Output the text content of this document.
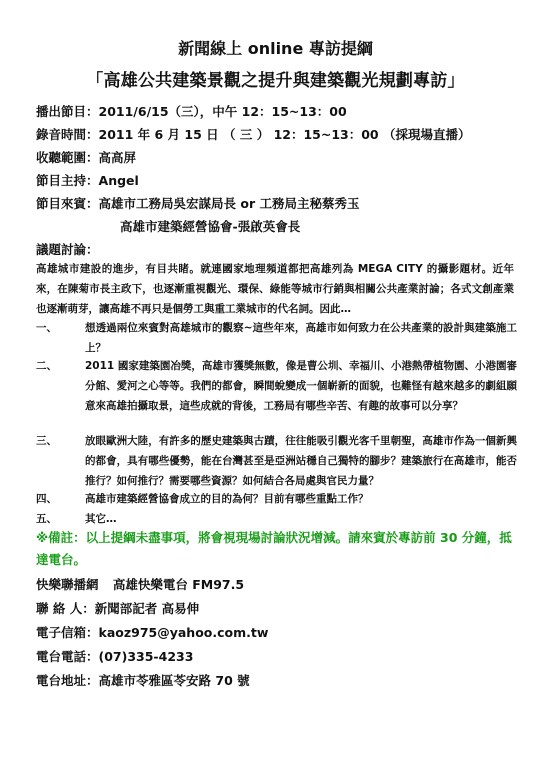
新聞線上 online 專訪提綱
「高雄公共建築景觀之提升與建築觀光規劃專訪」
播出節目：2011/6/15（三），中午 12：15~13：00
錄音時間：2011 年 6 月 15 日 （ 三 ） 12：15~13：00 （採現場直播）
收聽範圍：高高屏
節目主持：Angel
節目來賓：高雄市工務局吳宏謀局長 or 工務局主秘蔡秀玉
高雄市建築經營協會-張啟英會長
議題討論：
高雄城市建設的進步，有目共睹。就連國家地理頻道都把高雄列為 MEGA CITY 的攝影題材。近年來，在陳菊市長主政下，也逐漸重視觀光、環保、綠能等城市行銷與相關公共產業討論；各式文創產業也逐漸萌芽，讓高雄不再只是個勞工與重工業城市的代名詞。因此…
一、	想透過兩位來賓對高雄城市的觀察~這些年來，高雄市如何致力在公共產業的設計與建築施工上？
二、	2011 國家建築園冶獎，高雄市獲獎無數，像是曹公圳、幸福川、小港熱帶植物園、小港園審分館、愛河之心等等。我們的都會，瞬間蛻變成一個嶄新的面貌，也難怪有越來越多的劇組願意來高雄拍攝取景，這些成就的背後，工務局有哪些辛苦、有趣的故事可以分享？
三、	放眼歐洲大陸，有許多的歷史建築與古蹟，往往能吸引觀光客千里朝聖，高雄市作為一個新興的都會，具有哪些優勢，能在台灣甚至是亞洲站穩自己獨特的腳步？建築旅行在高雄市，能否推行？如何推行？需要哪些資源？如何結合各局處與官民力量？
四、	高雄市建築經營協會成立的目的為何？目前有哪些重點工作？
五、	其它…
※備註：以上提綱未盡事項，將會視現場討論狀況增減。請來賓於專訪前 30 分鐘，抵達電台。
快樂聯播網 高雄快樂電台 FM97.5
聯 絡 人：新聞部記者 高易伸
電子信箱：kaoz975@yahoo.com.tw
電台電話：(07)335-4233
電台地址：高雄市苓雅區苓安路 70 號
